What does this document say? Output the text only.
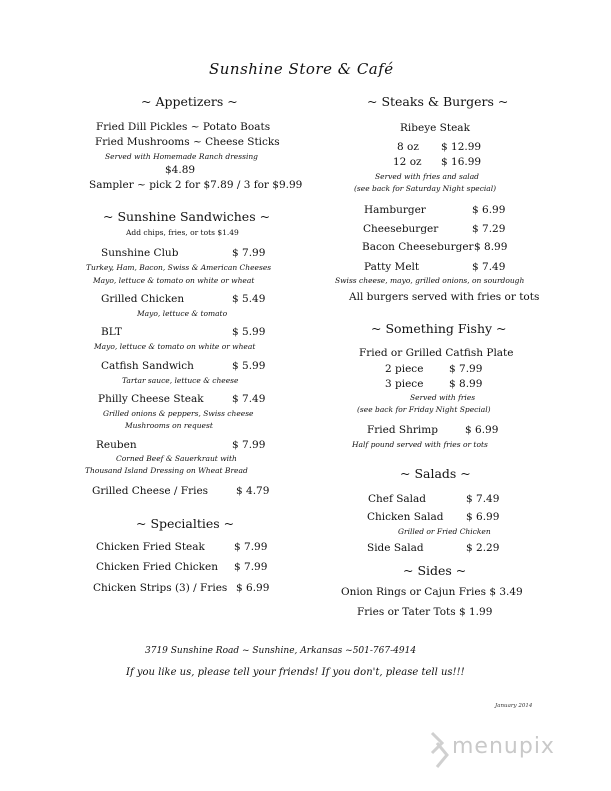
Sunshine Store & Café
~ Appetizers ~
Fried Dill Pickles ~ Potato Boats
Fried Mushrooms ~ Cheese Sticks
Served with Homemade Ranch dressing
$4.89
Sampler ~ pick 2 for $7.89 / 3 for $9.99
~ Sunshine Sandwiches ~
Add chips, fries, or tots $1.49
Sunshine Club	$ 7.99
Turkey, Ham, Bacon, Swiss & American Cheeses
Mayo, lettuce & tomato on white or wheat
Grilled Chicken	$ 5.49
Mayo, lettuce & tomato
BLT	$ 5.99
Mayo, lettuce & tomato on white or wheat
Catfish Sandwich	$ 5.99
Tartar sauce, lettuce & cheese
Philly Cheese Steak	$ 7.49
Grilled onions & peppers, Swiss cheese
Mushrooms on request
Reuben	$ 7.99
Corned Beef & Sauerkraut with
Thousand Island Dressing on Wheat Bread
Grilled Cheese / Fries	$ 4.79
~ Specialties ~
Chicken Fried Steak	$ 7.99
Chicken Fried Chicken $ 7.99
Chicken Strips (3) / Fries $ 6.99
~ Steaks & Burgers ~
Ribeye Steak
8 oz $ 12.99
12 oz $ 16.99
Served with fries and salad
(see back for Saturday Night special)
Hamburger	$ 6.99
Cheeseburger	$ 7.29
Bacon Cheeseburger $ 8.99
Patty Melt	$ 7.49
Swiss cheese, mayo, grilled onions, on sourdough
All burgers served with fries or tots
~ Something Fishy ~
Fried or Grilled Catfish Plate
2 piece $ 7.99
3 piece $ 8.99
Served with fries
(see back for Friday Night Special)
Fried Shrimp	$ 6.99
Half pound served with fries or tots
~ Salads ~
Chef Salad	$ 7.49
Chicken Salad $ 6.99
Grilled or Fried Chicken
Side Salad	$ 2.29
~ Sides ~
Onion Rings or Cajun Fries $ 3.49
Fries or Tater Tots $ 1.99
3719 Sunshine Road ~ Sunshine, Arkansas ~501-767-4914
If you like us, please tell your friends! If you don't, please tell us!!!
January 2014
menupix
